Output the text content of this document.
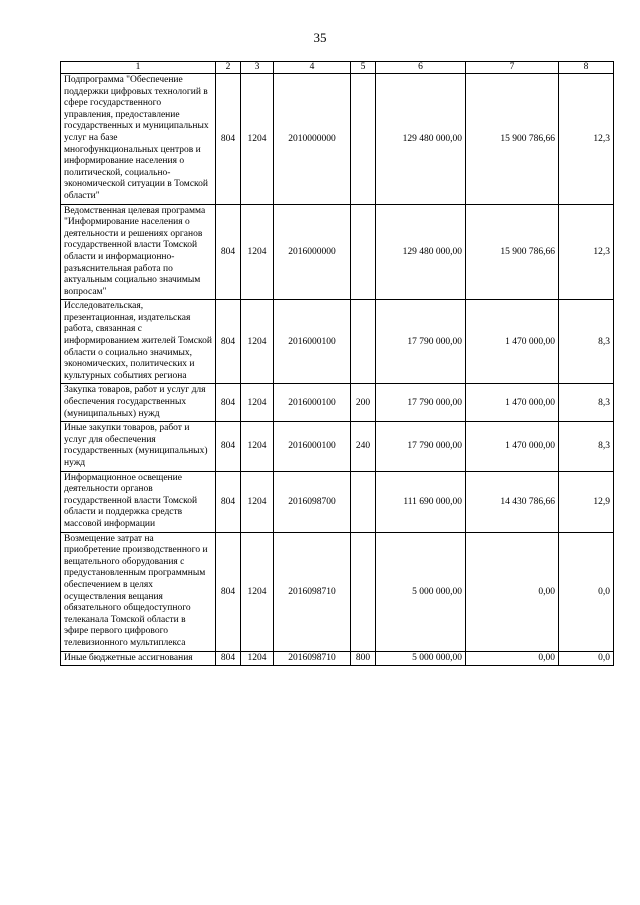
35
1	2	3	4	5	6	7	8
Подпрограмма "Обеспечение поддержки цифровых технологий в сфере государственного управления, предоставление государственных и муниципальных услуг на базе многофункциональных центров и информирование населения о политической, социально-экономической ситуации в Томской области"	804	1204	2010000000		129 480 000,00	15 900 786,66	12,3
Ведомственная целевая программа "Информирование населения о деятельности и решениях органов государственной власти Томской области и информационно-разъяснительная работа по актуальным социально значимым вопросам"	804	1204	2016000000		129 480 000,00	15 900 786,66	12,3
Исследовательская, презентационная, издательская работа, связанная с информированием жителей Томской области о социально значимых, экономических, политических и культурных событиях региона	804	1204	2016000100		17 790 000,00	1 470 000,00	8,3
Закупка товаров, работ и услуг для обеспечения государственных (муниципальных) нужд	804	1204	2016000100	200	17 790 000,00	1 470 000,00	8,3
Иные закупки товаров, работ и услуг для обеспечения государственных (муниципальных) нужд	804	1204	2016000100	240	17 790 000,00	1 470 000,00	8,3
Информационное освещение деятельности органов государственной власти Томской области и поддержка средств массовой информации	804	1204	2016098700		111 690 000,00	14 430 786,66	12,9
Возмещение затрат на приобретение производственного и вещательного оборудования с предустановленным программным обеспечением в целях осуществления вещания обязательного общедоступного телеканала Томской области в эфире первого цифрового телевизионного мультиплекса	804	1204	2016098710		5 000 000,00	0,00	0,0
Иные бюджетные ассигнования	804	1204	2016098710	800	5 000 000,00	0,00	0,0
